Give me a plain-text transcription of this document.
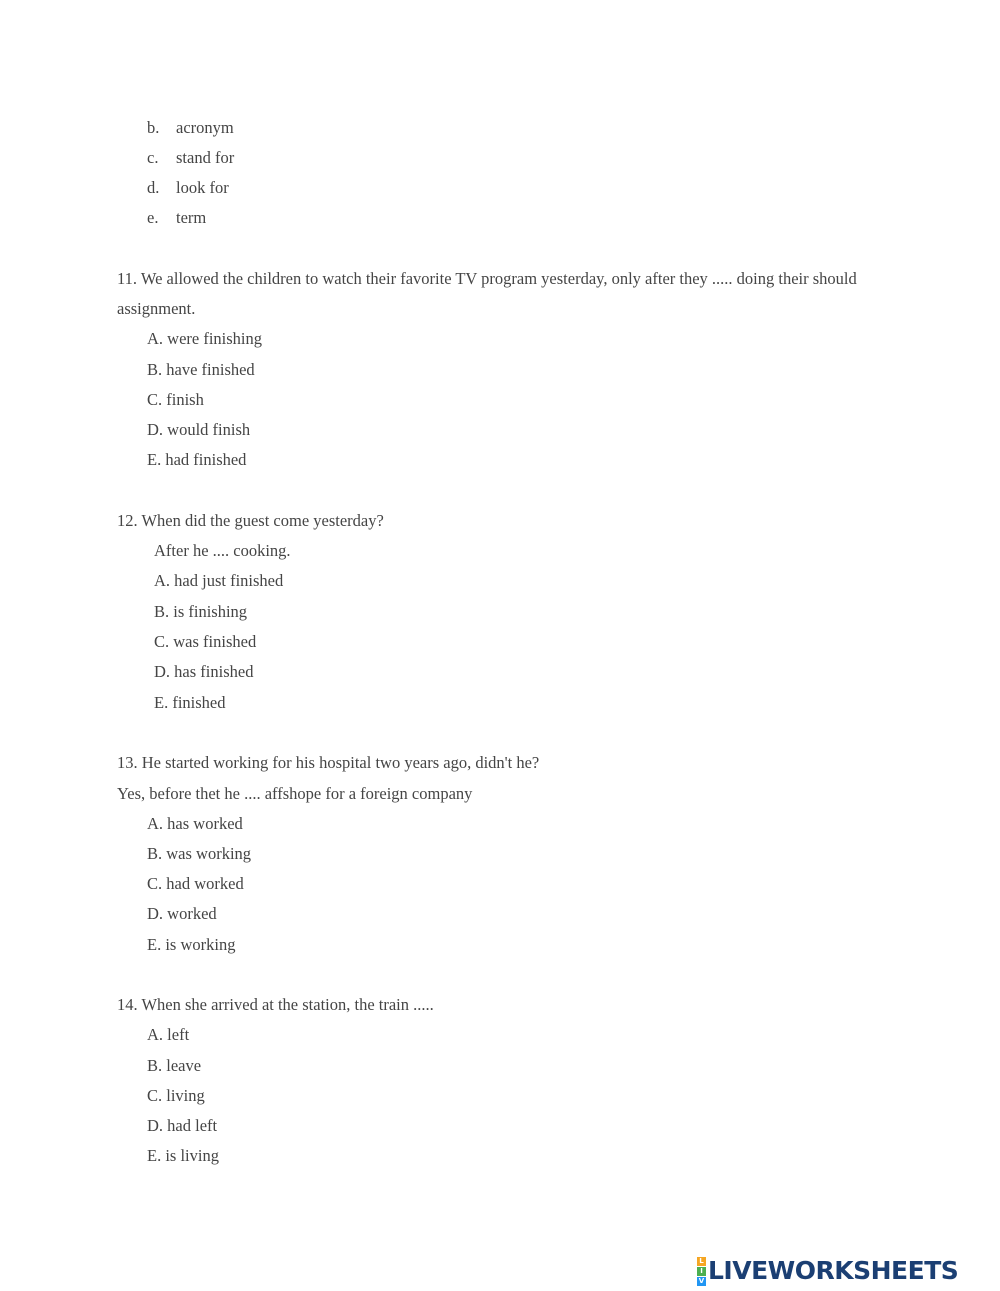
b. acronym
c. stand for
d. look for
e. term
11. We allowed the children to watch their favorite TV program yesterday, only after they ..... doing their should
assignment.
A. were finishing
B. have finished
C. finish
D. would finish
E. had finished
12. When did the guest come yesterday?
After he .... cooking.
A. had just finished
B. is finishing
C. was finished
D. has finished
E. finished
13. He started working for his hospital two years ago, didn't he?
Yes, before thet he .... affshope for a foreign company
A. has worked
B. was working
C. had worked
D. worked
E. is working
14. When she arrived at the station, the train .....
A. left
B. leave
C. living
D. had left
E. is living
L
I
V LIVEWORKSHEETS
